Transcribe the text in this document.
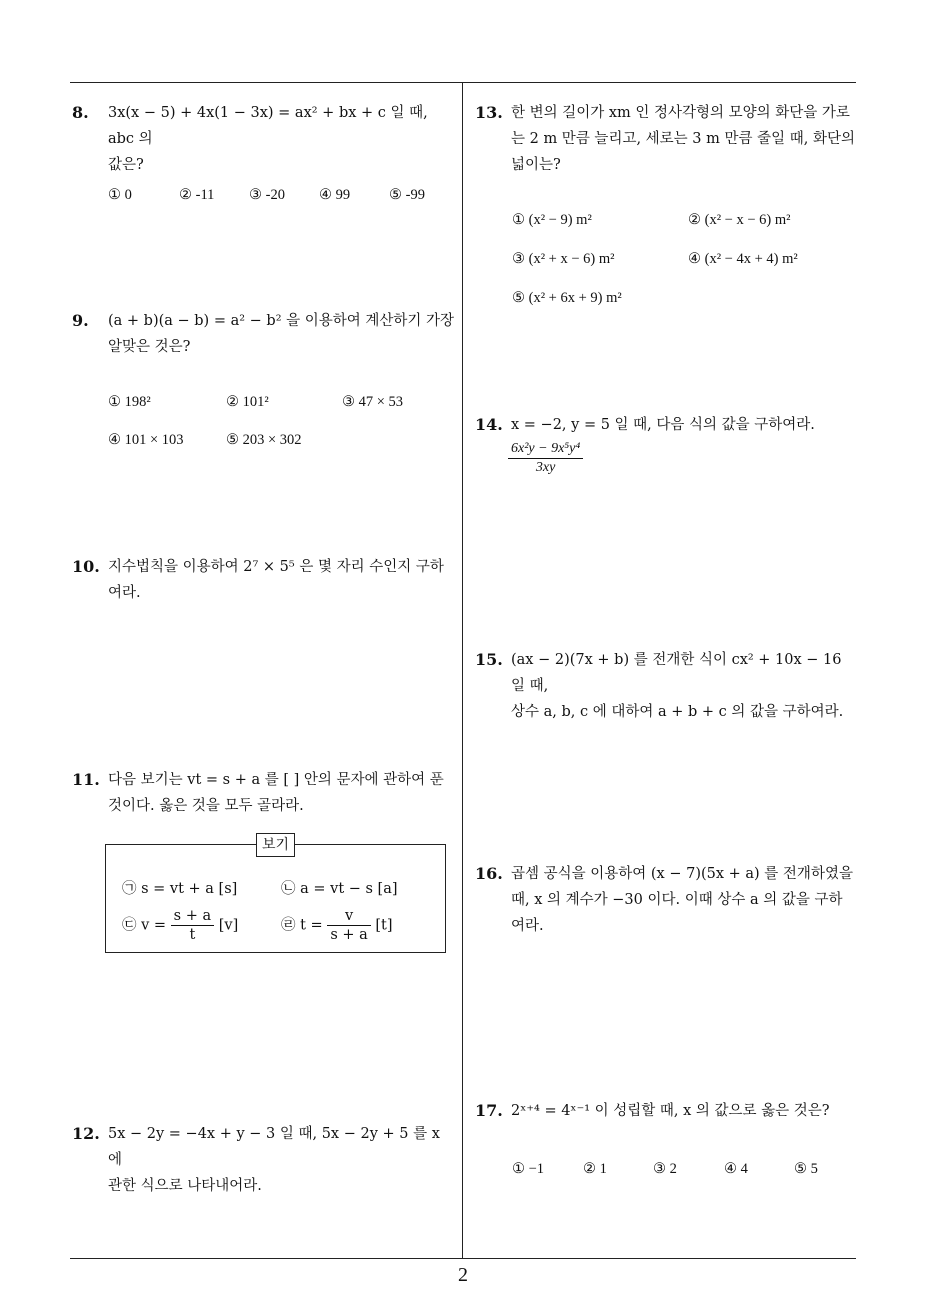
8. 3x(x − 5) + 4x(1 − 3x) = ax² + bx + c 일 때, abc 의
값은?
① 0	② -11 ③ -20 ④ 99	⑤ -99
9. (a + b)(a − b) = a² − b² 을 이용하여 계산하기 가장
알맞은 것은?
① 198²	② 101²	③ 47 × 53
④ 101 × 103	⑤ 203 × 302
10. 지수법칙을 이용하여 2⁷ × 5⁵ 은 몇 자리 수인지 구하
여라.
11. 다음 보기는 vt = s + a 를 [ ] 안의 문자에 관하여 푼
것이다. 옳은 것을 모두 골라라.
보기
㉠ s = vt + a [s]	㉡ a = vt − s [a]
㉢ $v = \frac{s + a}{t} [v]$	㉣ $t = \frac{v}{s + a} [t]$
12. 5x − 2y = −4x + y − 3 일 때, 5x − 2y + 5 를 x 에
관한 식으로 나타내어라.
13. 한 변의 길이가 xm 인 정사각형의 모양의 화단을 가로
는 2 m 만큼 늘리고, 세로는 3 m 만큼 줄일 때, 화단의
넓이는?
① (x² − 9) m²	② (x² − x − 6) m²
③ (x² + x − 6) m²	④ (x² − 4x + 4) m²
⑤ (x² + 6x + 9) m²
14. x = −2, y = 5 일 때, 다음 식의 값을 구하여라.
$\frac{\text{6x²y − 9x⁵y⁴}}{3xy}$
15. (ax − 2)(7x + b) 를 전개한 식이 cx² + 10x − 16 일 때,
상수 a, b, c 에 대하여 a + b + c 의 값을 구하여라.
16. 곱셈 공식을 이용하여 (x − 7)(5x + a) 를 전개하였을
때, x 의 계수가 −30 이다. 이때 상수 a 의 값을 구하
여라.
17. 2ˣ⁺⁴ = 4ˣ⁻¹ 이 성립할 때, x 의 값으로 옳은 것은?
① −1	② 1	③ 2	④ 4	⑤ 5
2
